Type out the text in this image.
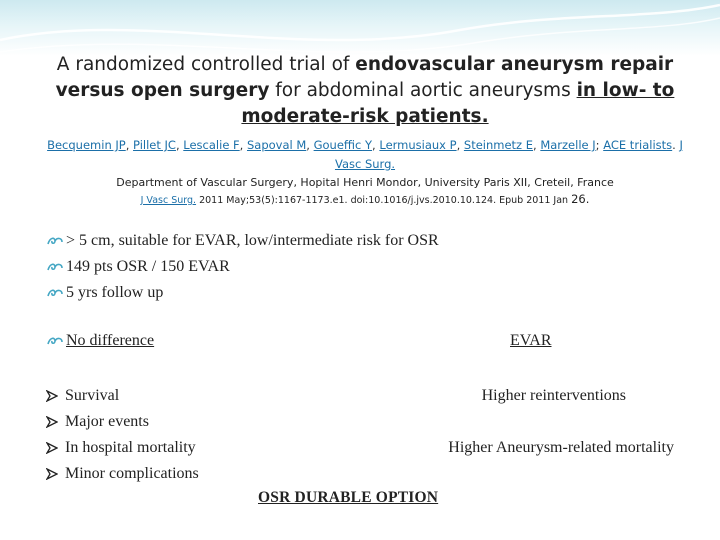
A randomized controlled trial of endovascular aneurysm repair versus open surgery for abdominal aortic aneurysms in low- to moderate-risk patients.
Becquemin JP, Pillet JC, Lescalie F, Sapoval M, Goueffic Y, Lermusiaux P, Steinmetz E, Marzelle J; ACE trialists. J Vasc Surg.
Department of Vascular Surgery, Hopital Henri Mondor, University Paris XII, Creteil, France
J Vasc Surg. 2011 May;53(5):1167-1173.e1. doi:10.1016/j.jvs.2010.10.124. Epub 2011 Jan 26.
> 5 cm, suitable for EVAR, low/intermediate risk for OSR
149 pts OSR / 150 EVAR
5 yrs follow up
No difference	EVAR
Survival
Major events
In hospital mortality
Minor complications
Higher reinterventions
Higher Aneurysm-related mortality
OSR DURABLE OPTION
